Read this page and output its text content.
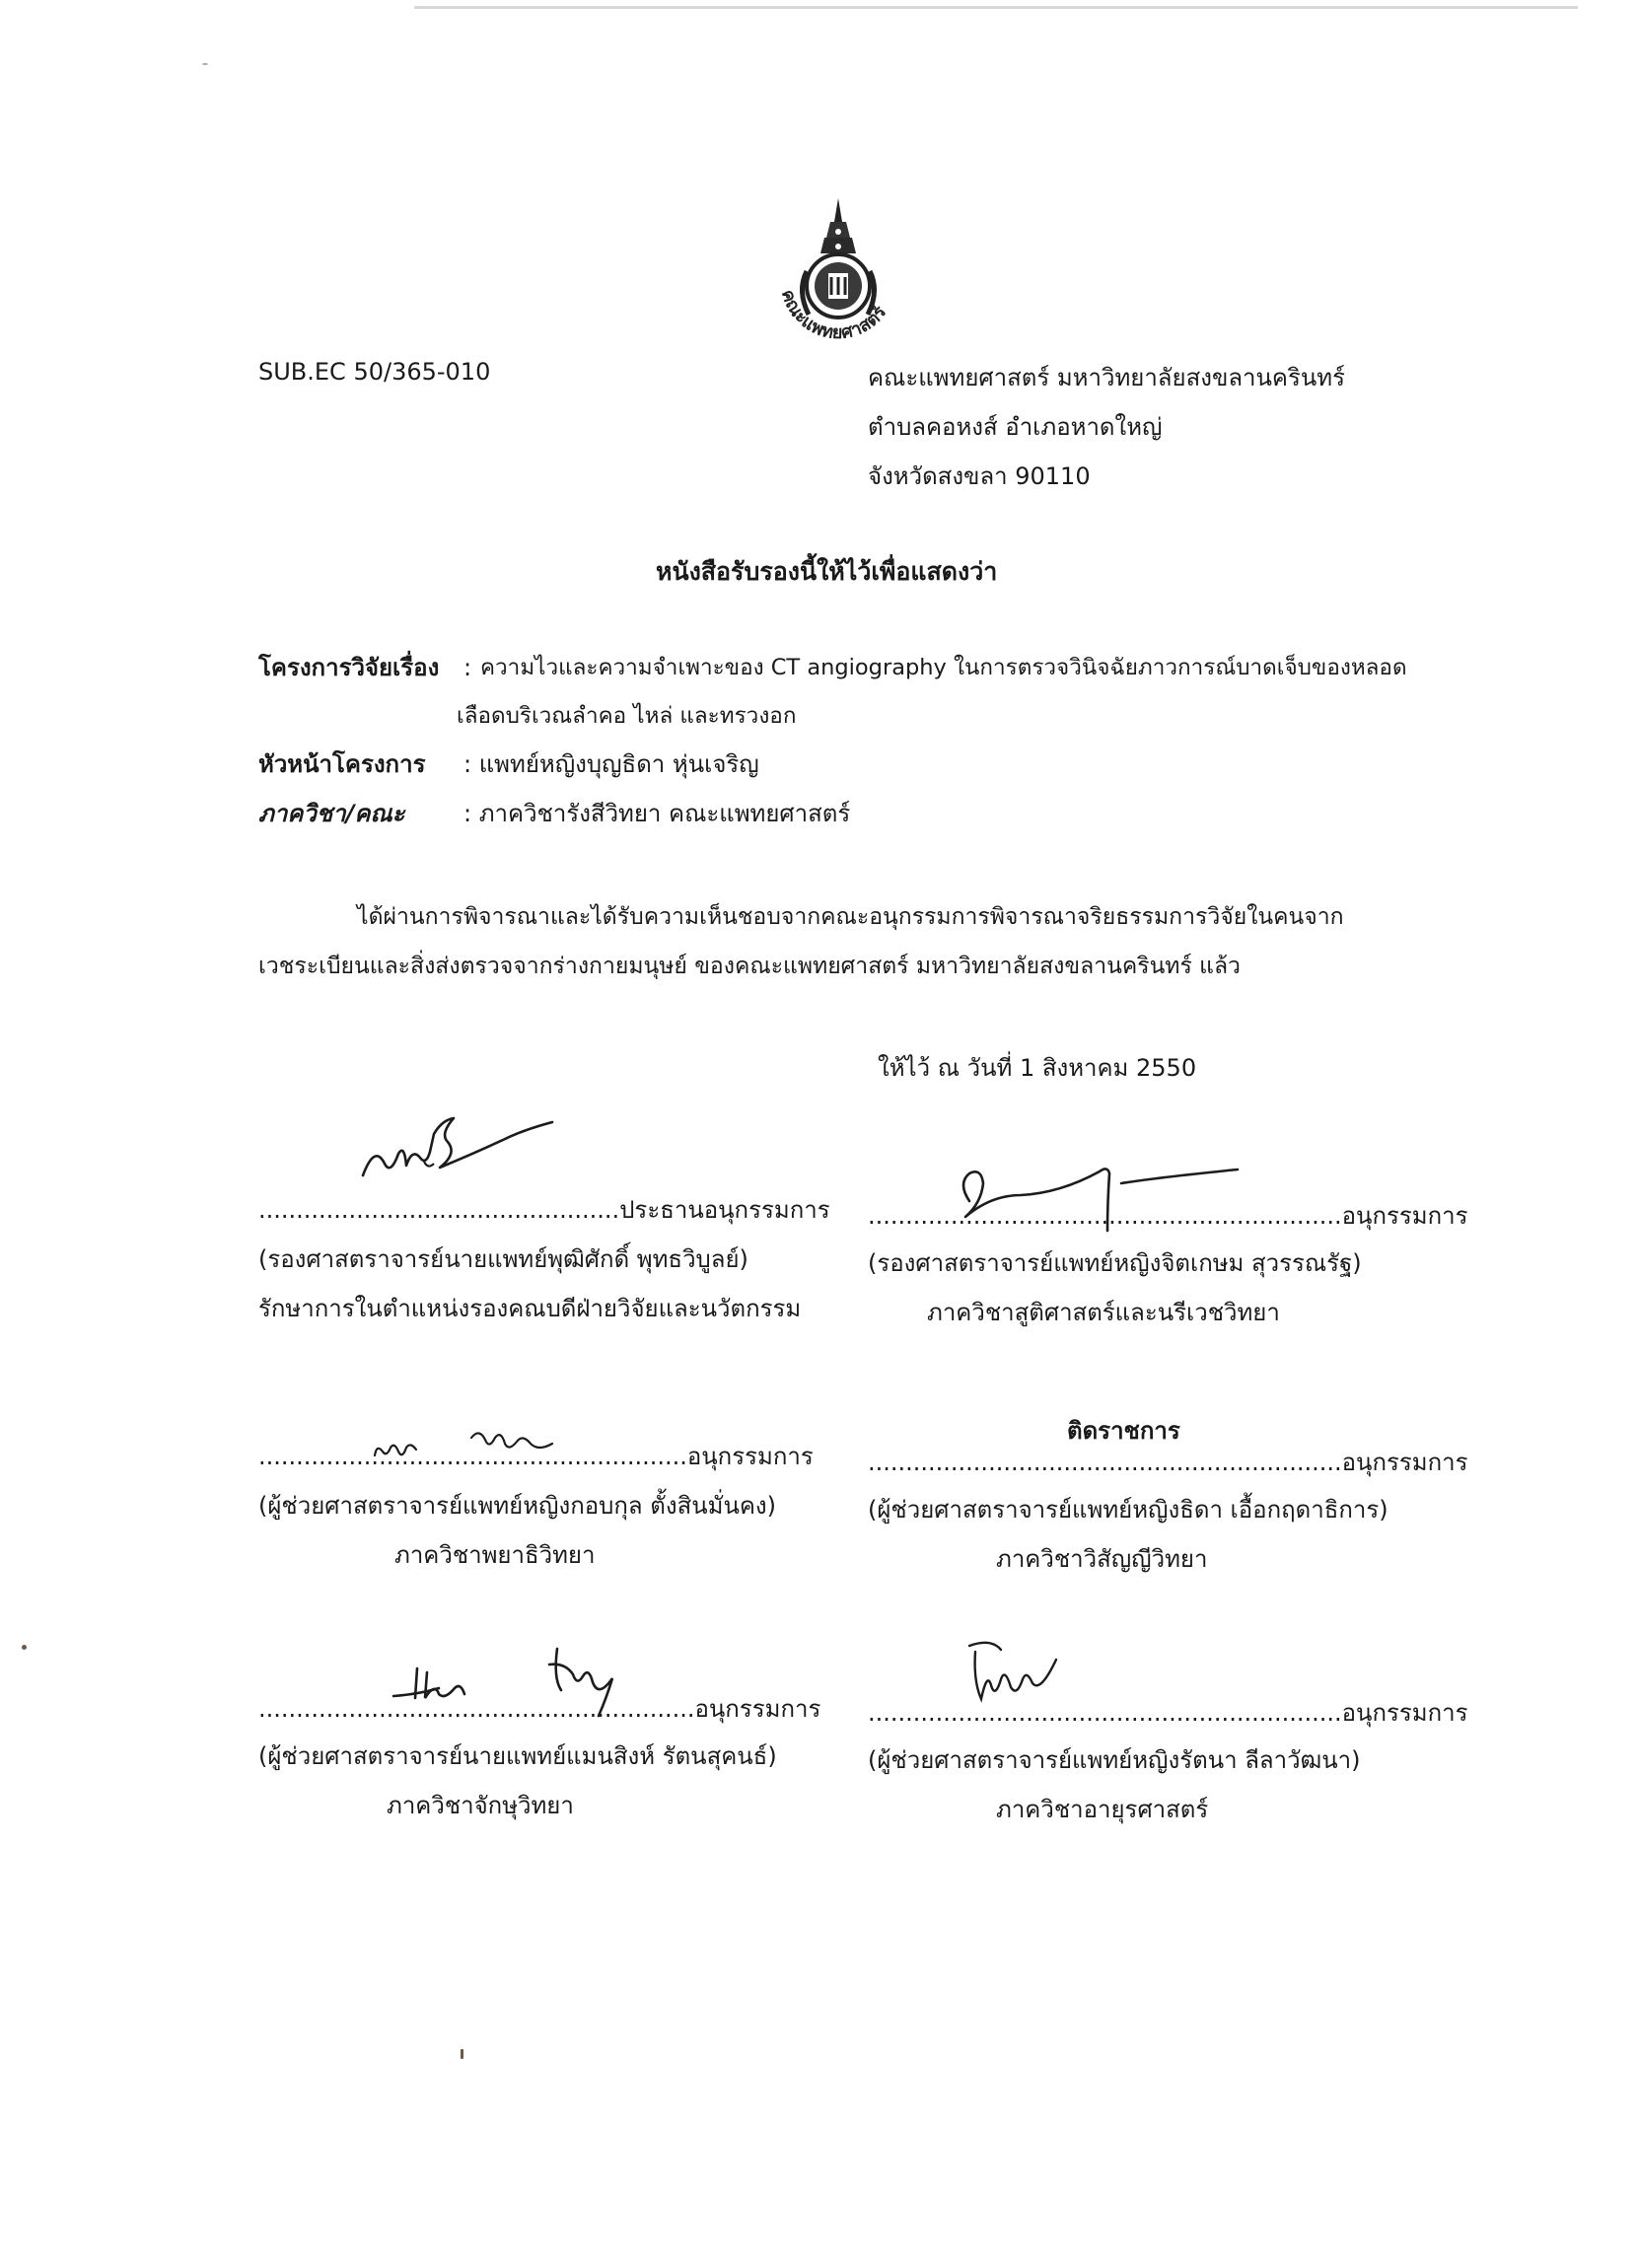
คณะแพทยศาสตร์
SUB.EC 50/365-010	คณะแพทยศาสตร์ มหาวิทยาลัยสงขลานครินทร์
ตำบลคอหงส์ อำเภอหาดใหญ่
จังหวัดสงขลา 90110
หนังสือรับรองนี้ให้ไว้เพื่อแสดงว่า
โครงการวิจัยเรื่อง : ความไวและความจำเพาะของ CT angiography ในการตรวจวินิจฉัยภาวการณ์บาดเจ็บของหลอด
เลือดบริเวณลำคอ ไหล่ และทรวงอก
หัวหน้าโครงการ : แพทย์หญิงบุญธิดา หุ่นเจริญ
ภาควิชา/คณะ : ภาควิชารังสีวิทยา คณะแพทยศาสตร์
ได้ผ่านการพิจารณาและได้รับความเห็นชอบจากคณะอนุกรรมการพิจารณาจริยธรรมการวิจัยในคนจาก
เวชระเบียนและสิ่งส่งตรวจจากร่างกายมนุษย์ ของคณะแพทยศาสตร์ มหาวิทยาลัยสงขลานครินทร์ แล้ว
ให้ไว้ ณ วันที่ 1 สิงหาคม 2550
................................................ประธานอนุกรรมการ
(รองศาสตราจารย์นายแพทย์พุฒิศักดิ์ พุทธวิบูลย์)
รักษาการในตำแหน่งรองคณบดีฝ่ายวิจัยและนวัตกรรม
...............................................................อนุกรรมการ
(รองศาสตราจารย์แพทย์หญิงจิตเกษม สุวรรณรัฐ)
ภาควิชาสูติศาสตร์และนรีเวชวิทยา
.........................................................อนุกรรมการ
(ผู้ช่วยศาสตราจารย์แพทย์หญิงกอบกุล ตั้งสินมั่นคง)
ภาควิชาพยาธิวิทยา
ติดราชการ
...............................................................อนุกรรมการ
(ผู้ช่วยศาสตราจารย์แพทย์หญิงธิดา เอื้อกฤดาธิการ)
ภาควิชาวิสัญญีวิทยา
..........................................................อนุกรรมการ
(ผู้ช่วยศาสตราจารย์นายแพทย์แมนสิงห์ รัตนสุคนธ์)
ภาควิชาจักษุวิทยา
...............................................................อนุกรรมการ
(ผู้ช่วยศาสตราจารย์แพทย์หญิงรัตนา ลีลาวัฒนา)
ภาควิชาอายุรศาสตร์
